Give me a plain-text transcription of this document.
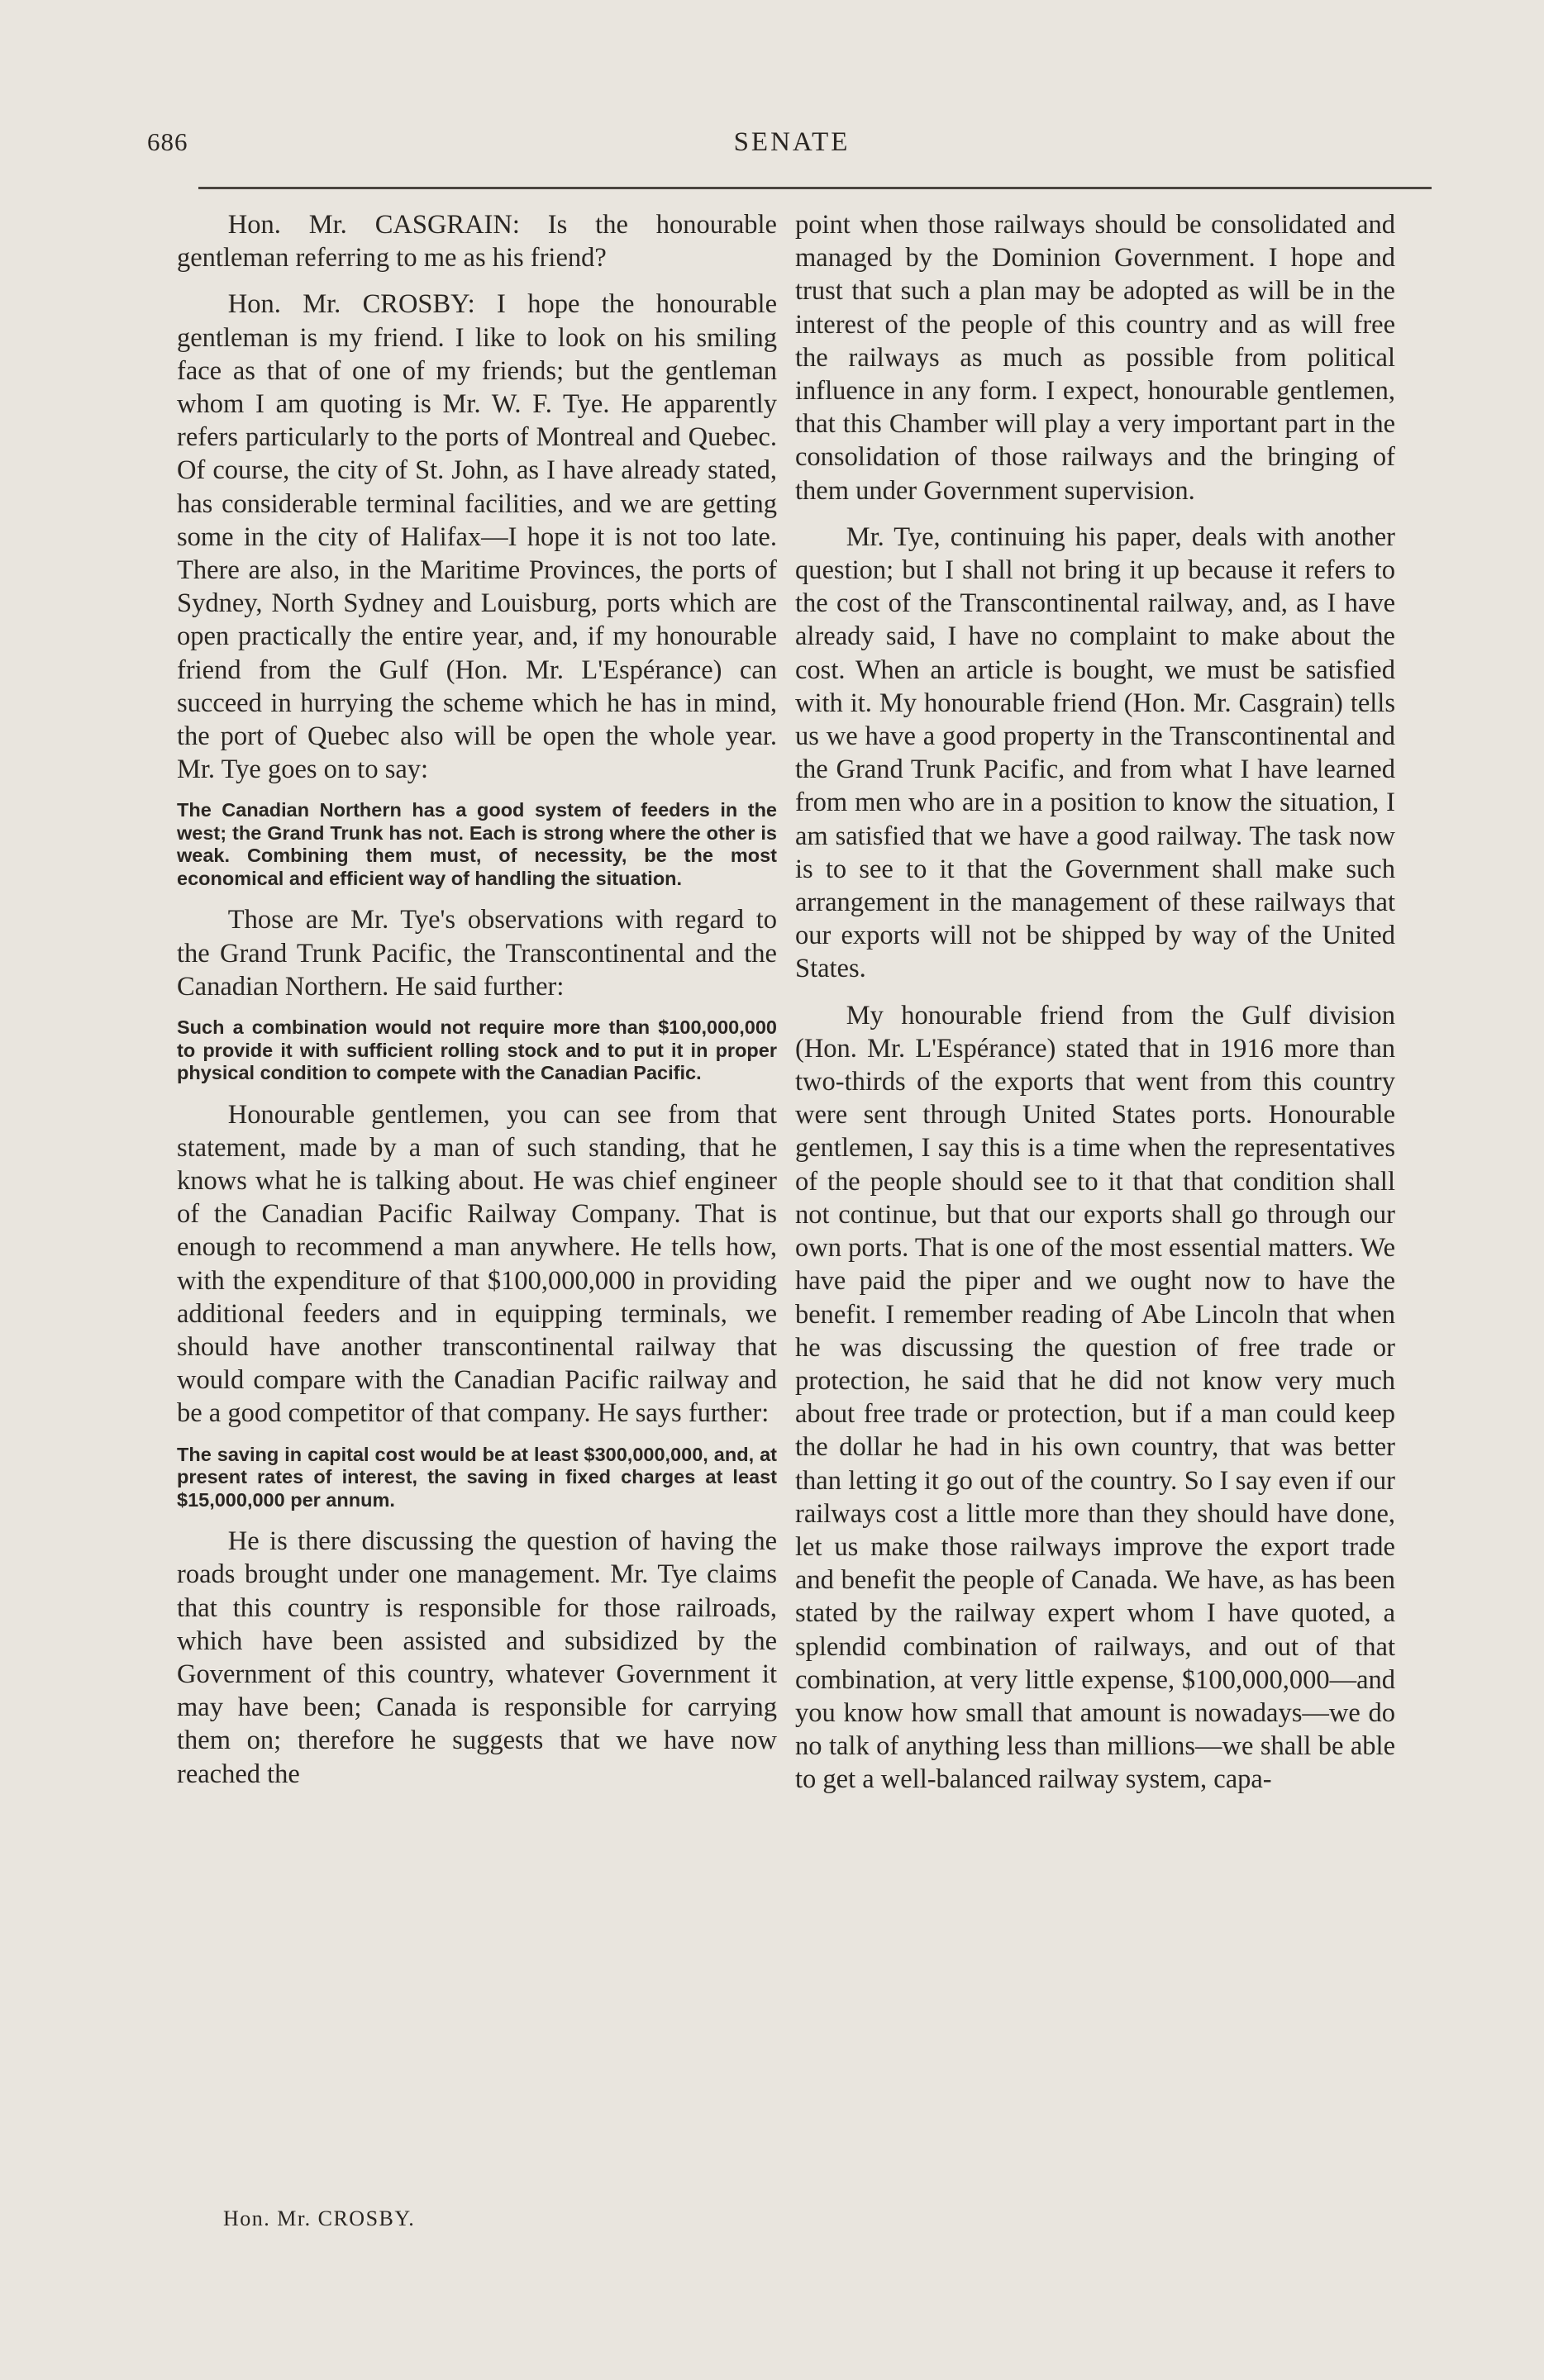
686	SENATE

Hon. Mr. CASGRAIN: Is the honourable gentleman referring to me as his friend?

Hon. Mr. CROSBY: I hope the honourable gentleman is my friend. I like to look on his smiling face as that of one of my friends; but the gentleman whom I am quoting is Mr. W. F. Tye. He apparently refers particularly to the ports of Montreal and Quebec. Of course, the city of St. John, as I have already stated, has considerable terminal facilities, and we are getting some in the city of Halifax—I hope it is not too late. There are also, in the Maritime Provinces, the ports of Sydney, North Sydney and Louisburg, ports which are open practically the entire year, and, if my honourable friend from the Gulf (Hon. Mr. L'Espérance) can succeed in hurrying the scheme which he has in mind, the port of Quebec also will be open the whole year. Mr. Tye goes on to say:

The Canadian Northern has a good system of feeders in the west; the Grand Trunk has not. Each is strong where the other is weak. Combining them must, of necessity, be the most economical and efficient way of handling the situation.

Those are Mr. Tye's observations with regard to the Grand Trunk Pacific, the Transcontinental and the Canadian Northern. He said further:

Such a combination would not require more than $100,000,000 to provide it with sufficient rolling stock and to put it in proper physical condition to compete with the Canadian Pacific.

Honourable gentlemen, you can see from that statement, made by a man of such standing, that he knows what he is talking about. He was chief engineer of the Canadian Pacific Railway Company. That is enough to recommend a man anywhere. He tells how, with the expenditure of that $100,000,000 in providing additional feeders and in equipping terminals, we should have another transcontinental railway that would compare with the Canadian Pacific railway and be a good competitor of that company. He says further:

The saving in capital cost would be at least $300,000,000, and, at present rates of interest, the saving in fixed charges at least $15,000,000 per annum.

He is there discussing the question of having the roads brought under one management. Mr. Tye claims that this country is responsible for those railroads, which have been assisted and subsidized by the Government of this country, whatever Government it may have been; Canada is responsible for carrying them on; therefore he suggests that we have now reached the

point when those railways should be consolidated and managed by the Dominion Government. I hope and trust that such a plan may be adopted as will be in the interest of the people of this country and as will free the railways as much as possible from political influence in any form. I expect, honourable gentlemen, that this Chamber will play a very important part in the consolidation of those railways and the bringing of them under Government supervision.

Mr. Tye, continuing his paper, deals with another question; but I shall not bring it up because it refers to the cost of the Transcontinental railway, and, as I have already said, I have no complaint to make about the cost. When an article is bought, we must be satisfied with it. My honourable friend (Hon. Mr. Casgrain) tells us we have a good property in the Transcontinental and the Grand Trunk Pacific, and from what I have learned from men who are in a position to know the situation, I am satisfied that we have a good railway. The task now is to see to it that the Government shall make such arrangement in the management of these railways that our exports will not be shipped by way of the United States.

My honourable friend from the Gulf division (Hon. Mr. L'Espérance) stated that in 1916 more than two-thirds of the exports that went from this country were sent through United States ports. Honourable gentlemen, I say this is a time when the representatives of the people should see to it that that condition shall not continue, but that our exports shall go through our own ports. That is one of the most essential matters. We have paid the piper and we ought now to have the benefit. I remember reading of Abe Lincoln that when he was discussing the question of free trade or protection, he said that he did not know very much about free trade or protection, but if a man could keep the dollar he had in his own country, that was better than letting it go out of the country. So I say even if our railways cost a little more than they should have done, let us make those railways improve the export trade and benefit the people of Canada. We have, as has been stated by the railway expert whom I have quoted, a splendid combination of railways, and out of that combination, at very little expense, $100,000,000—and you know how small that amount is nowadays—we do no talk of anything less than millions—we shall be able to get a well-balanced railway system, capa-

Hon. Mr. CROSBY.
